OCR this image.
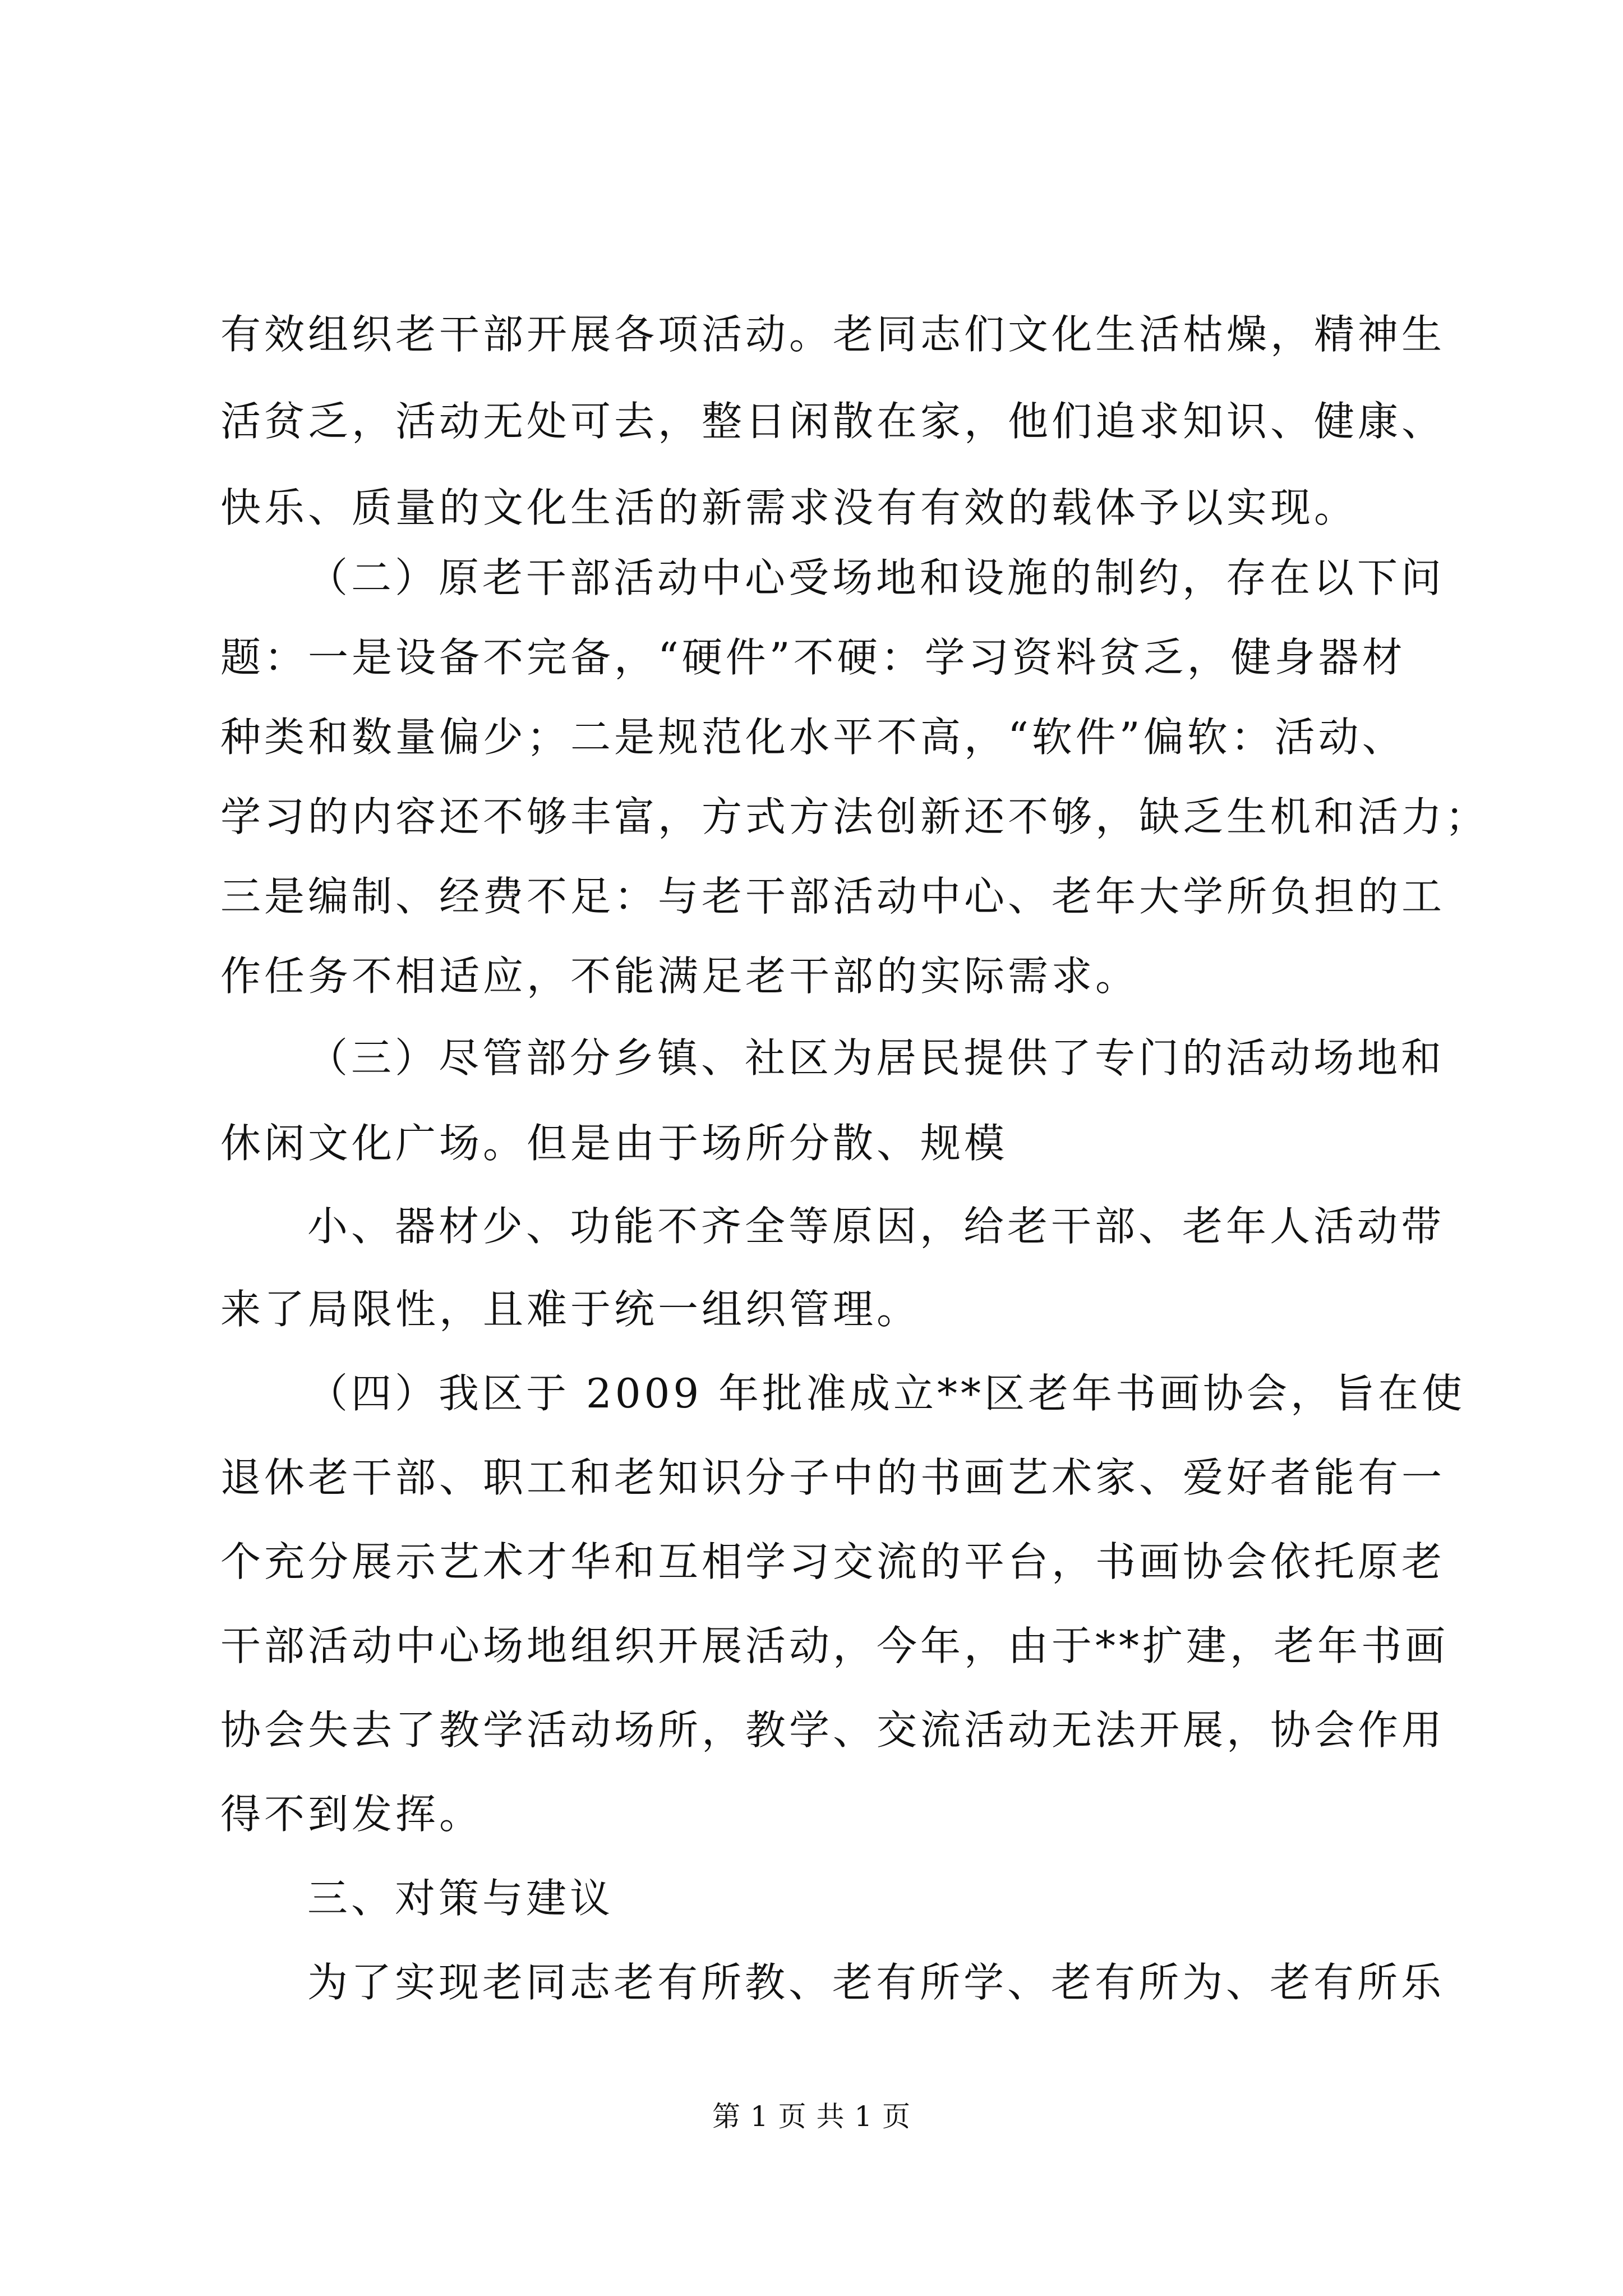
有效组织老干部开展各项活动。老同志们文化生活枯燥，精神生
活贫乏，活动无处可去，整日闲散在家，他们追求知识、健康、
快乐、质量的文化生活的新需求没有有效的载体予以实现。
（二）原老干部活动中心受场地和设施的制约，存在以下问
题：一是设备不完备，“硬件”不硬：学习资料贫乏，健身器材
种类和数量偏少；二是规范化水平不高，“软件”偏软：活动、
学习的内容还不够丰富，方式方法创新还不够，缺乏生机和活力；
三是编制、经费不足：与老干部活动中心、老年大学所负担的工
作任务不相适应，不能满足老干部的实际需求。
（三）尽管部分乡镇、社区为居民提供了专门的活动场地和
休闲文化广场。但是由于场所分散、规模
小、器材少、功能不齐全等原因，给老干部、老年人活动带
来了局限性，且难于统一组织管理。
（四）我区于 2009 年批准成立**区老年书画协会，旨在使
退休老干部、职工和老知识分子中的书画艺术家、爱好者能有一
个充分展示艺术才华和互相学习交流的平台，书画协会依托原老
干部活动中心场地组织开展活动，今年，由于**扩建，老年书画
协会失去了教学活动场所，教学、交流活动无法开展，协会作用
得不到发挥。
三、对策与建议
为了实现老同志老有所教、老有所学、老有所为、老有所乐
第 1 页 共 1 页
